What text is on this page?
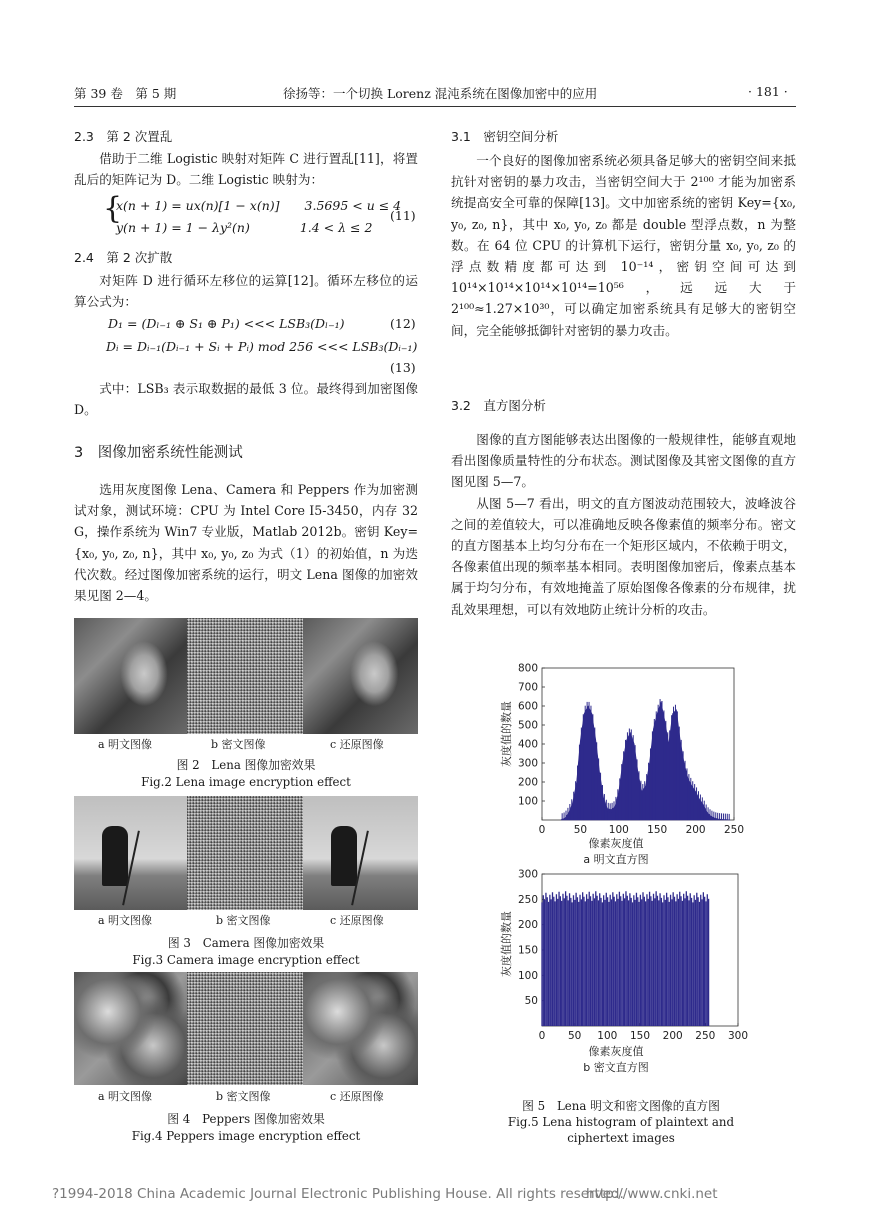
第 39 卷　第 5 期	徐扬等：一个切换 Lorenz 混沌系统在图像加密中的应用	· 181 ·
2.3　第 2 次置乱

借助于二维 Logistic 映射对矩阵 C 进行置乱[11]，将置乱后的矩阵记为 D。二维 Logistic 映射为：

{
x(n + 1) = ux(n)[1 − x(n)]　　3.5695 < u ≤ 4
y(n + 1) = 1 − λy²(n)　　　　1.4 < λ ≤ 2
(11)
2.4　第 2 次扩散

对矩阵 D 进行循环左移位的运算[12]。循环左移位的运算公式为：

D₁ = (Dₗ₋₁ ⊕ S₁ ⊕ P₁) <<< LSB₃(Dₗ₋₁)	(12)
Dᵢ = Dᵢ₋₁(Dᵢ₋₁ + Sᵢ + Pᵢ) mod 256 <<< LSB₃(Dᵢ₋₁)
(13)

式中：LSB₃ 表示取数据的最低 3 位。最终得到加密图像 D。

3　图像加密系统性能测试

选用灰度图像 Lena、Camera 和 Peppers 作为加密测试对象，测试环境：CPU 为 Intel Core I5-3450，内存 32 G，操作系统为 Win7 专业版，Matlab 2012b。密钥 Key={x₀, y₀, z₀, n}，其中 x₀, y₀, z₀ 为式（1）的初始值，n 为迭代次数。经过图像加密系统的运行，明文 Lena 图像的加密效果见图 2—4。

a 明文图像	b 密文图像	c 还原图像
图 2　Lena 图像加密效果
Fig.2 Lena image encryption effect
a 明文图像	b 密文图像	c 还原图像
图 3　Camera 图像加密效果
Fig.3 Camera image encryption effect
a 明文图像	b 密文图像	c 还原图像
图 4　Peppers 图像加密效果
Fig.4 Peppers image encryption effect
3.1　密钥空间分析

一个良好的图像加密系统必须具备足够大的密钥空间来抵抗针对密钥的暴力攻击，当密钥空间大于 2¹⁰⁰ 才能为加密系统提高安全可靠的保障[13]。文中加密系统的密钥 Key={x₀, y₀, z₀, n}，其中 x₀, y₀, z₀ 都是 double 型浮点数，n 为整数。在 64 位 CPU 的计算机下运行，密钥分量 x₀, y₀, z₀ 的浮点数精度都可达到 10⁻¹⁴，密钥空间可达到 10¹⁴×10¹⁴×10¹⁴×10¹⁴=10⁵⁶，远远大于 2¹⁰⁰≈1.27×10³⁰，可以确定加密系统具有足够大的密钥空间，完全能够抵御针对密钥的暴力攻击。

3.2　直方图分析

图像的直方图能够表达出图像的一般规律性，能够直观地看出图像质量特性的分布状态。测试图像及其密文图像的直方图见图 5—7。

从图 5—7 看出，明文的直方图波动范围较大，波峰波谷之间的差值较大，可以准确地反映各像素值的频率分布。密文的直方图基本上均匀分布在一个矩形区域内，不依赖于明文，各像素值出现的频率基本相同。表明图像加密后，像素点基本属于均匀分布，有效地掩盖了原始图像各像素的分布规律，扰乱效果理想，可以有效地防止统计分析的攻击。

100
200
300
400
500
600
700
800
0	50 100 150 200 250
a 明文直方图
像素灰度值
灰度值的数量
50
100
150
200
250
300
0 50 100 150 200 250 300
b 密文直方图
像素灰度值
灰度值的数量
图 5　Lena 明文和密文图像的直方图
Fig.5 Lena histogram of plaintext and
ciphertext images
?1994-2018 China Academic Journal Electronic Publishing House. All rights reserved.
http://www.cnki.net
